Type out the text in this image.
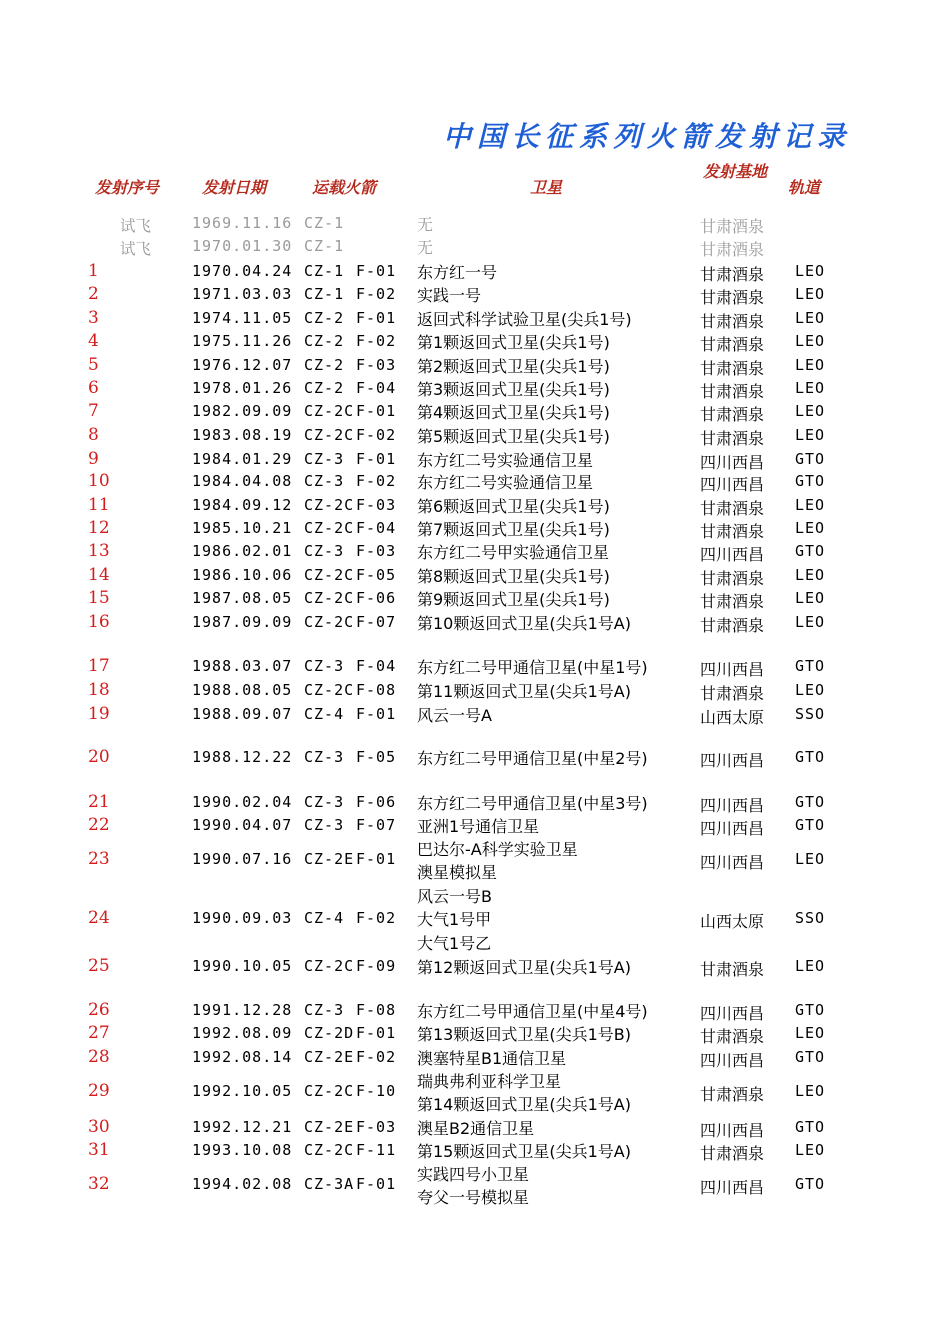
中国长征系列火箭发射记录
发射序号	发射日期	运载火箭	卫星
发射基地
轨道
试飞	1969.11.16 CZ-1	无	甘肃酒泉
试飞	1970.01.30 CZ-1	无	甘肃酒泉
1	1970.04.24 CZ-1 F-01 东方红一号	甘肃酒泉 LEO
2	1971.03.03 CZ-1 F-02 实践一号	甘肃酒泉 LEO
3	1974.11.05 CZ-2 F-01 返回式科学试验卫星(尖兵1号)	甘肃酒泉 LEO
4	1975.11.26 CZ-2 F-02 第1颗返回式卫星(尖兵1号)	甘肃酒泉 LEO
5	1976.12.07 CZ-2 F-03 第2颗返回式卫星(尖兵1号)	甘肃酒泉 LEO
6	1978.01.26 CZ-2 F-04 第3颗返回式卫星(尖兵1号)	甘肃酒泉 LEO
7	1982.09.09 CZ-2C F-01 第4颗返回式卫星(尖兵1号)	甘肃酒泉 LEO
8	1983.08.19 CZ-2C F-02 第5颗返回式卫星(尖兵1号)	甘肃酒泉 LEO
9	1984.01.29 CZ-3 F-01 东方红二号实验通信卫星	四川西昌 GTO
10	1984.04.08 CZ-3 F-02 东方红二号实验通信卫星	四川西昌 GTO
11	1984.09.12 CZ-2C F-03 第6颗返回式卫星(尖兵1号)	甘肃酒泉 LEO
12	1985.10.21 CZ-2C F-04 第7颗返回式卫星(尖兵1号)	甘肃酒泉 LEO
13	1986.02.01 CZ-3 F-03 东方红二号甲实验通信卫星	四川西昌 GTO
14	1986.10.06 CZ-2C F-05 第8颗返回式卫星(尖兵1号)	甘肃酒泉 LEO
15	1987.08.05 CZ-2C F-06 第9颗返回式卫星(尖兵1号)	甘肃酒泉 LEO
16	1987.09.09 CZ-2C F-07 第10颗返回式卫星(尖兵1号A)	甘肃酒泉 LEO
17	1988.03.07 CZ-3 F-04 东方红二号甲通信卫星(中星1号)	四川西昌 GTO
18	1988.08.05 CZ-2C F-08 第11颗返回式卫星(尖兵1号A)	甘肃酒泉 LEO
19	1988.09.07 CZ-4 F-01 风云一号A	山西太原 SSO
20	1988.12.22 CZ-3 F-05 东方红二号甲通信卫星(中星2号)	四川西昌 GTO
21	1990.02.04 CZ-3 F-06 东方红二号甲通信卫星(中星3号)	四川西昌 GTO
22	1990.04.07 CZ-3 F-07 亚洲1号通信卫星	四川西昌 GTO
23	1990.07.16 CZ-2E F-01
巴达尔-A科学实验卫星
澳星模拟星
四川西昌 LEO
24	1990.09.03 CZ-4 F-02
风云一号B
大气1号甲
大气1号乙
山西太原 SSO
25	1990.10.05 CZ-2C F-09 第12颗返回式卫星(尖兵1号A)	甘肃酒泉 LEO
26	1991.12.28 CZ-3 F-08 东方红二号甲通信卫星(中星4号)	四川西昌 GTO
27	1992.08.09 CZ-2D F-01 第13颗返回式卫星(尖兵1号B)	甘肃酒泉 LEO
28	1992.08.14 CZ-2E F-02 澳塞特星B1通信卫星	四川西昌 GTO
29	1992.10.05 CZ-2C F-10
瑞典弗利亚科学卫星
第14颗返回式卫星(尖兵1号A)
甘肃酒泉 LEO
30	1992.12.21 CZ-2E F-03 澳星B2通信卫星	四川西昌 GTO
31	1993.10.08 CZ-2C F-11 第15颗返回式卫星(尖兵1号A)	甘肃酒泉 LEO
32	1994.02.08 CZ-3A F-01
实践四号小卫星
夸父一号模拟星
四川西昌 GTO
